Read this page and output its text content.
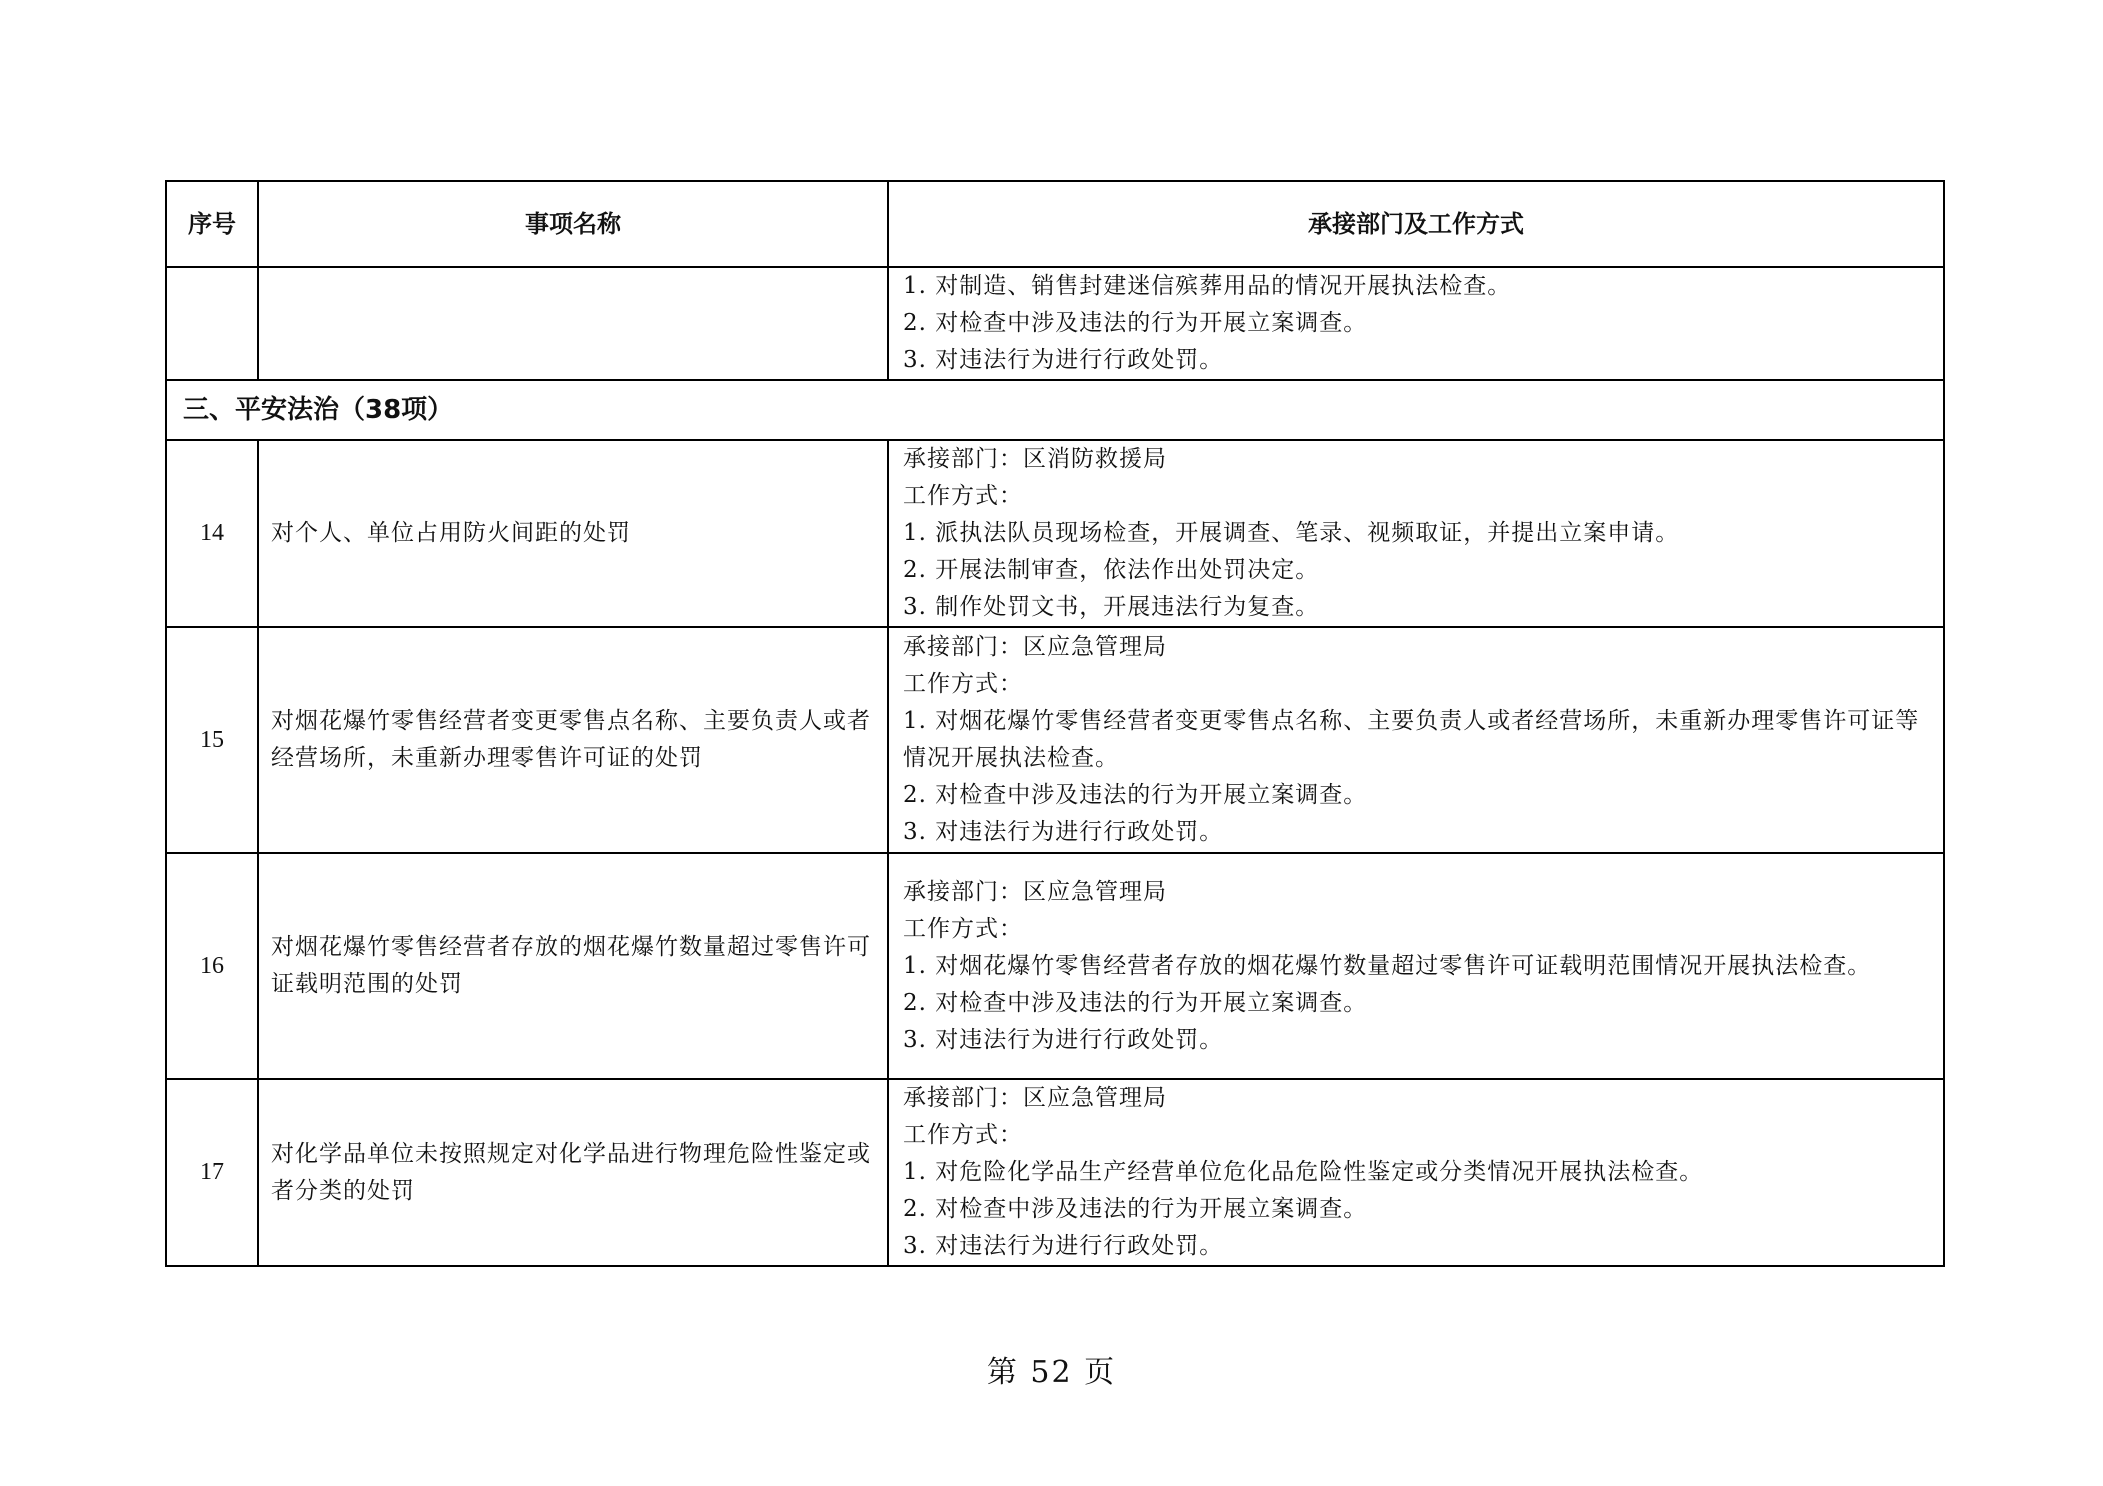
序号	事项名称	承接部门及工作方式

		1. 对制造、销售封建迷信殡葬用品的情况开展执法检查。
2. 对检查中涉及违法的行为开展立案调查。
3. 对违法行为进行行政处罚。

三、平安法治（38项）		
14	对个人、单位占用防火间距的处罚	承接部门：区消防救援局
工作方式：
1. 派执法队员现场检查，开展调查、笔录、视频取证，并提出立案申请。
2. 开展法制审查，依法作出处罚决定。
3. 制作处罚文书，开展违法行为复查。

15	对烟花爆竹零售经营者变更零售点名称、主要负责人或者经营场所，未重新办理零售许可证的处罚	承接部门：区应急管理局
工作方式：
1. 对烟花爆竹零售经营者变更零售点名称、主要负责人或者经营场所，未重新办理零售许可证等情况开展执法检查。
2. 对检查中涉及违法的行为开展立案调查。
3. 对违法行为进行行政处罚。

16	对烟花爆竹零售经营者存放的烟花爆竹数量超过零售许可证载明范围的处罚	承接部门：区应急管理局
工作方式：
1. 对烟花爆竹零售经营者存放的烟花爆竹数量超过零售许可证载明范围情况开展执法检查。
2. 对检查中涉及违法的行为开展立案调查。
3. 对违法行为进行行政处罚。

17	对化学品单位未按照规定对化学品进行物理危险性鉴定或者分类的处罚	承接部门：区应急管理局
工作方式：
1. 对危险化学品生产经营单位危化品危险性鉴定或分类情况开展执法检查。
2. 对检查中涉及违法的行为开展立案调查。
3. 对违法行为进行行政处罚。
第 52 页
